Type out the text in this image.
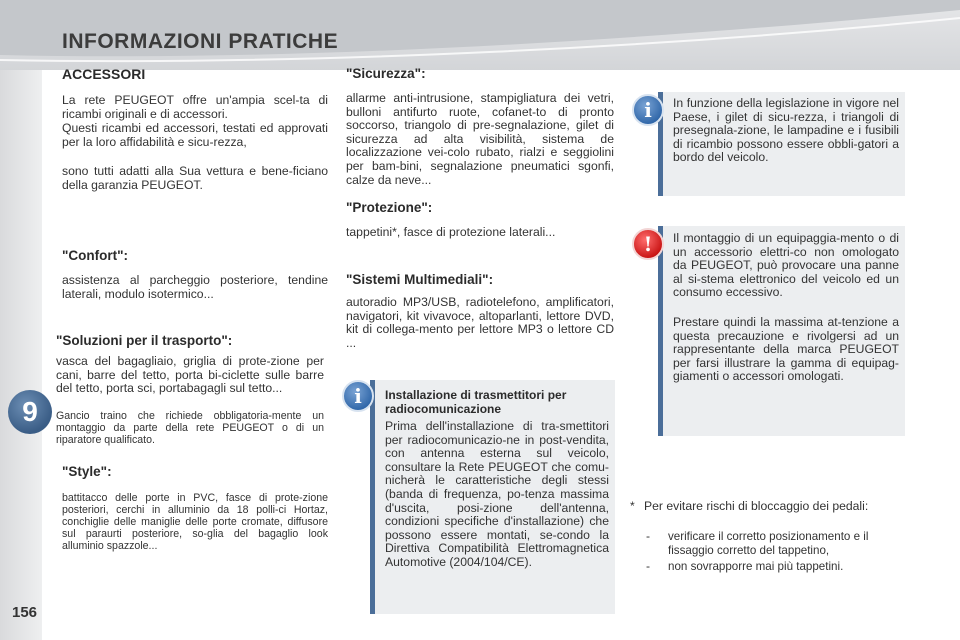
INFORMAZIONI PRATICHE
9
156
ACCESSORI
La rete PEUGEOT offre un'ampia scel-ta di ricambi originali e di accessori.
Questi ricambi ed accessori, testati ed approvati per la loro affidabilità e sicu-rezza,
sono tutti adatti alla Sua vettura e bene-ficiano della garanzia PEUGEOT.
"Confort":
assistenza al parcheggio posteriore, tendine laterali, modulo isotermico...
"Soluzioni per il trasporto":
vasca del bagagliaio, griglia di prote-zione per cani, barre del tetto, porta bi-ciclette sulle barre del tetto, porta sci, portabagagli sul tetto...
Gancio traino che richiede obbligatoria-mente un montaggio da parte della rete PEUGEOT o di un riparatore qualificato.
"Style":
battitacco delle porte in PVC, fasce di prote-zione posteriori, cerchi in alluminio da 18 polli-ci Hortaz, conchiglie delle maniglie delle porte cromate, diffusore sul paraurti posteriore, so-glia del bagaglio look alluminio spazzole...
"Sicurezza":
allarme anti-intrusione, stampigliatura dei vetri, bulloni antifurto ruote, cofanet-to di pronto soccorso, triangolo di pre-segnalazione, gilet di sicurezza ad alta visibilità, sistema de localizzazione vei-colo rubato, rialzi e seggiolini per bam-bini, segnalazione pneumatici sgonfi, calze da neve...
"Protezione":
tappetini*, fasce di protezione laterali...
"Sistemi Multimediali":
autoradio MP3/USB, radiotelefono, amplificatori, navigatori, kit vivavoce, altoparlanti, lettore DVD, kit di collega-mento per lettore MP3 o lettore CD ...
Installazione di trasmettitori per radiocomunicazione
Prima dell'installazione di tra-smettitori per radiocomunicazio-ne in post-vendita, con antenna esterna sul veicolo, consultare la Rete PEUGEOT che comu-nicherà le caratteristiche degli stessi (banda di frequenza, po-tenza massima d'uscita, posi-zione dell'antenna, condizioni specifiche d'installazione) che possono essere montati, se-condo la Direttiva Compatibilità Elettromagnetica Automotive (2004/104/CE).
i
In funzione della legislazione in vigore nel Paese, i gilet di sicu-rezza, i triangoli di presegnala-zione, le lampadine e i fusibili di ricambio possono essere obbli-gatori a bordo del veicolo.
i
Il montaggio di un equipaggia-mento o di un accessorio elettri-co non omologato da PEUGEOT, può provocare una panne al si-stema elettronico del veicolo ed un consumo eccessivo.
Prestare quindi la massima at-tenzione a questa precauzione e rivolgersi ad un rappresentante della marca PEUGEOT per farsi illustrare la gamma di equipag-giamenti o accessori omologati.
!
* Per evitare rischi di bloccaggio dei pedali:
- verificare il corretto posizionamento e il fissaggio corretto del tappetino,
- non sovrapporre mai più tappetini.
